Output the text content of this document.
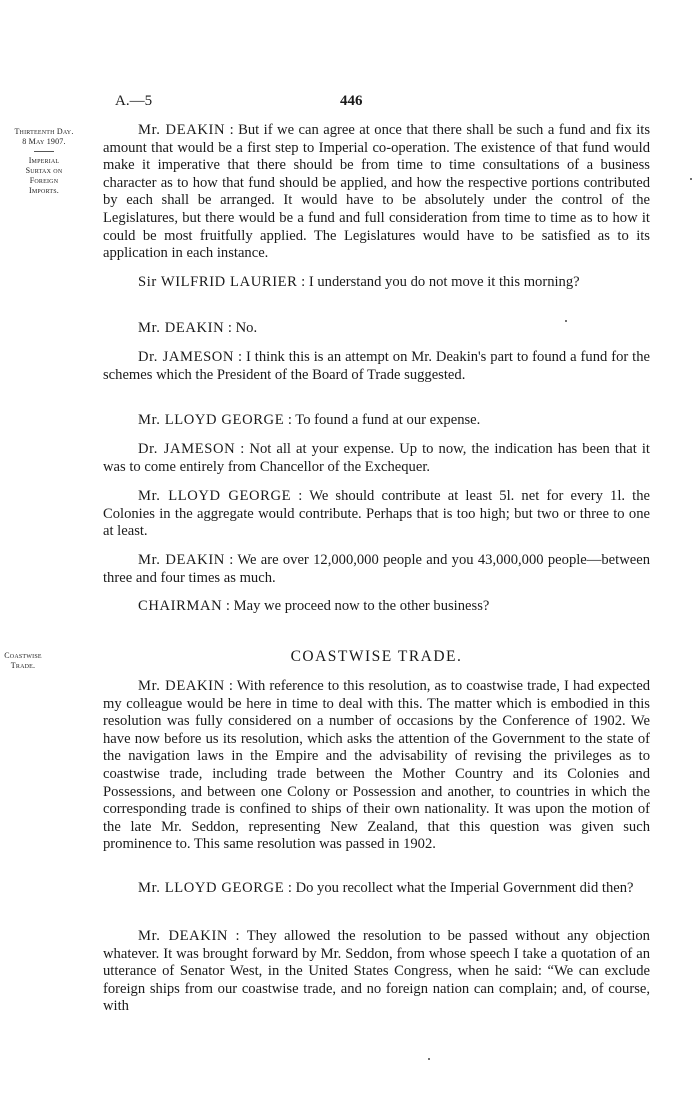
A.—5	446
Thirteenth Day.
8 May 1907.
Imperial
Surtax on
Foreign
Imports.
Coastwise
Trade.
Mr. DEAKIN : But if we can agree at once that there shall be such a fund and fix its amount that would be a first step to Imperial co-operation. The existence of that fund would make it imperative that there should be from time to time consultations of a business character as to how that fund should be applied, and how the respective portions contributed by each shall be arranged. It would have to be absolutely under the control of the Legislatures, but there would be a fund and full consideration from time to time as to how it could be most fruitfully applied. The Legislatures would have to be satisfied as to its application in each instance.
Sir WILFRID LAURIER : I understand you do not move it this morning?
Mr. DEAKIN : No.
Dr. JAMESON : I think this is an attempt on Mr. Deakin's part to found a fund for the schemes which the President of the Board of Trade suggested.
Mr. LLOYD GEORGE : To found a fund at our expense.
Dr. JAMESON : Not all at your expense. Up to now, the indication has been that it was to come entirely from Chancellor of the Exchequer.
Mr. LLOYD GEORGE : We should contribute at least 5l. net for every 1l. the Colonies in the aggregate would contribute. Perhaps that is too high; but two or three to one at least.
Mr. DEAKIN : We are over 12,000,000 people and you 43,000,000 people—between three and four times as much.
CHAIRMAN : May we proceed now to the other business?
COASTWISE TRADE.
Mr. DEAKIN : With reference to this resolution, as to coastwise trade, I had expected my colleague would be here in time to deal with this. The matter which is embodied in this resolution was fully considered on a number of occasions by the Conference of 1902. We have now before us its resolution, which asks the attention of the Government to the state of the navigation laws in the Empire and the advisability of revising the privileges as to coastwise trade, including trade between the Mother Country and its Colonies and Possessions, and between one Colony or Possession and another, to countries in which the corresponding trade is confined to ships of their own nationality. It was upon the motion of the late Mr. Seddon, representing New Zealand, that this question was given such prominence to. This same resolution was passed in 1902.
Mr. LLOYD GEORGE : Do you recollect what the Imperial Government did then?
Mr. DEAKIN : They allowed the resolution to be passed without any objection whatever. It was brought forward by Mr. Seddon, from whose speech I take a quotation of an utterance of Senator West, in the United States Congress, when he said: “We can exclude foreign ships from our coastwise trade, and no foreign nation can complain; and, of course, with
